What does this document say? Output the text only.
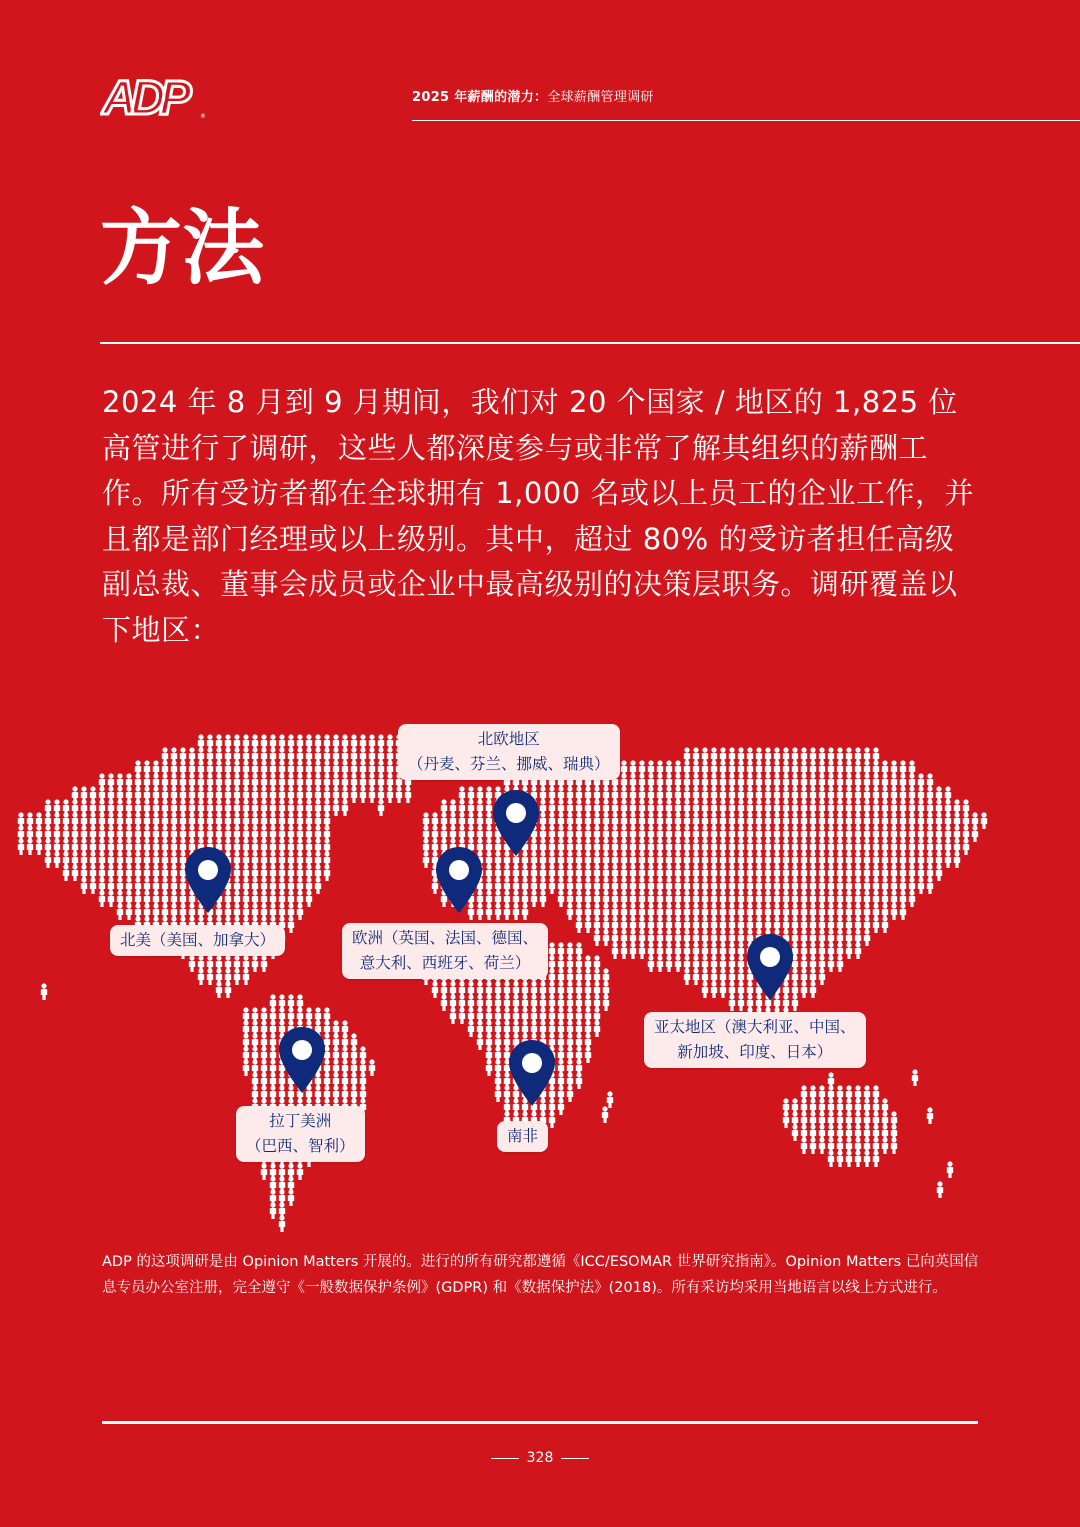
ADP	®
2025 年薪酬的潜力：全球薪酬管理调研
方法

2024 年 8 月到 9 月期间，我们对 20 个国家 / 地区的 1,825 位高管进行了调研，这些人都深度参与或非常了解其组织的薪酬工作。所有受访者都在全球拥有 1,000 名或以上员工的企业工作，并且都是部门经理或以上级别。其中，超过 80% 的受访者担任高级副总裁、董事会成员或企业中最高级别的决策层职务。调研覆盖以下地区：

北欧地区
（丹麦、芬兰、挪威、瑞典）
北美（美国、加拿大）	欧洲（英国、法国、德国、
意大利、西班牙、荷兰）
亚太地区（澳大利亚、中国、
新加坡、印度、日本）
拉丁美洲
（巴西、智利）
南非

ADP 的这项调研是由 Opinion Matters 开展的。进行的所有研究都遵循《ICC/ESOMAR 世界研究指南》。Opinion Matters 已向英国信息专员办公室注册，完全遵守《一般数据保护条例》(GDPR) 和《数据保护法》(2018)。所有采访均采用当地语言以线上方式进行。

328
